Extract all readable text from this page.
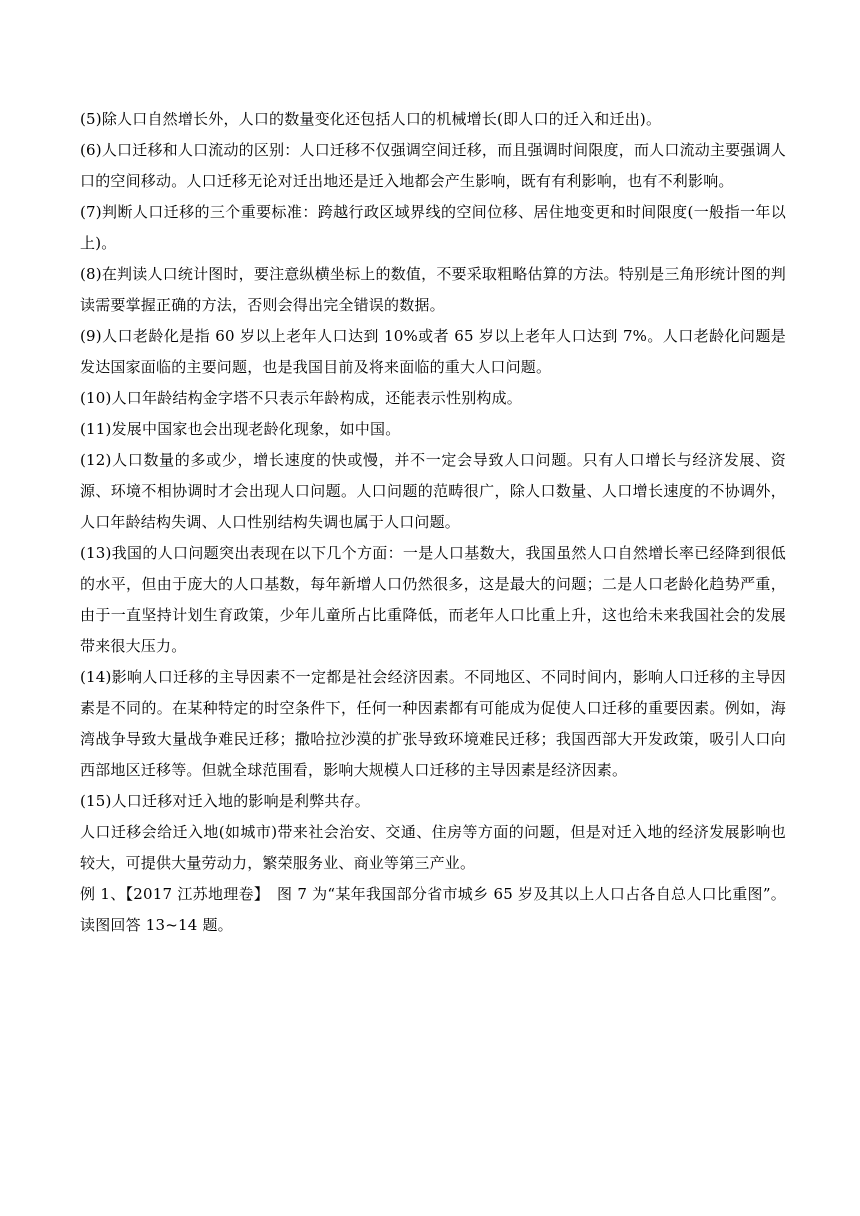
(5)除人口自然增长外，人口的数量变化还包括人口的机械增长(即人口的迁入和迁出)。

(6)人口迁移和人口流动的区别：人口迁移不仅强调空间迁移，而且强调时间限度，而人口流动主要强调人口的空间移动。人口迁移无论对迁出地还是迁入地都会产生影响，既有有利影响，也有不利影响。

(7)判断人口迁移的三个重要标准：跨越行政区域界线的空间位移、居住地变更和时间限度(一般指一年以上)。

(8)在判读人口统计图时，要注意纵横坐标上的数值，不要采取粗略估算的方法。特别是三角形统计图的判读需要掌握正确的方法，否则会得出完全错误的数据。

(9)人口老龄化是指 60 岁以上老年人口达到 10%或者 65 岁以上老年人口达到 7%。人口老龄化问题是发达国家面临的主要问题，也是我国目前及将来面临的重大人口问题。

(10)人口年龄结构金字塔不只表示年龄构成，还能表示性别构成。

(11)发展中国家也会出现老龄化现象，如中国。

(12)人口数量的多或少，增长速度的快或慢，并不一定会导致人口问题。只有人口增长与经济发展、资源、环境不相协调时才会出现人口问题。人口问题的范畴很广，除人口数量、人口增长速度的不协调外，人口年龄结构失调、人口性别结构失调也属于人口问题。

(13)我国的人口问题突出表现在以下几个方面：一是人口基数大，我国虽然人口自然增长率已经降到很低的水平，但由于庞大的人口基数，每年新增人口仍然很多，这是最大的问题；二是人口老龄化趋势严重，由于一直坚持计划生育政策，少年儿童所占比重降低，而老年人口比重上升，这也给未来我国社会的发展带来很大压力。

(14)影响人口迁移的主导因素不一定都是社会经济因素。不同地区、不同时间内，影响人口迁移的主导因素是不同的。在某种特定的时空条件下，任何一种因素都有可能成为促使人口迁移的重要因素。例如，海湾战争导致大量战争难民迁移；撒哈拉沙漠的扩张导致环境难民迁移；我国西部大开发政策，吸引人口向西部地区迁移等。但就全球范围看，影响大规模人口迁移的主导因素是经济因素。

(15)人口迁移对迁入地的影响是利弊共存。

人口迁移会给迁入地(如城市)带来社会治安、交通、住房等方面的问题，但是对迁入地的经济发展影响也较大，可提供大量劳动力，繁荣服务业、商业等第三产业。

例 1、【2017 江苏地理卷】　图 7 为“某年我国部分省市城乡 65 岁及其以上人口占各自总人口比重图”。读图回答 13~14 题。
